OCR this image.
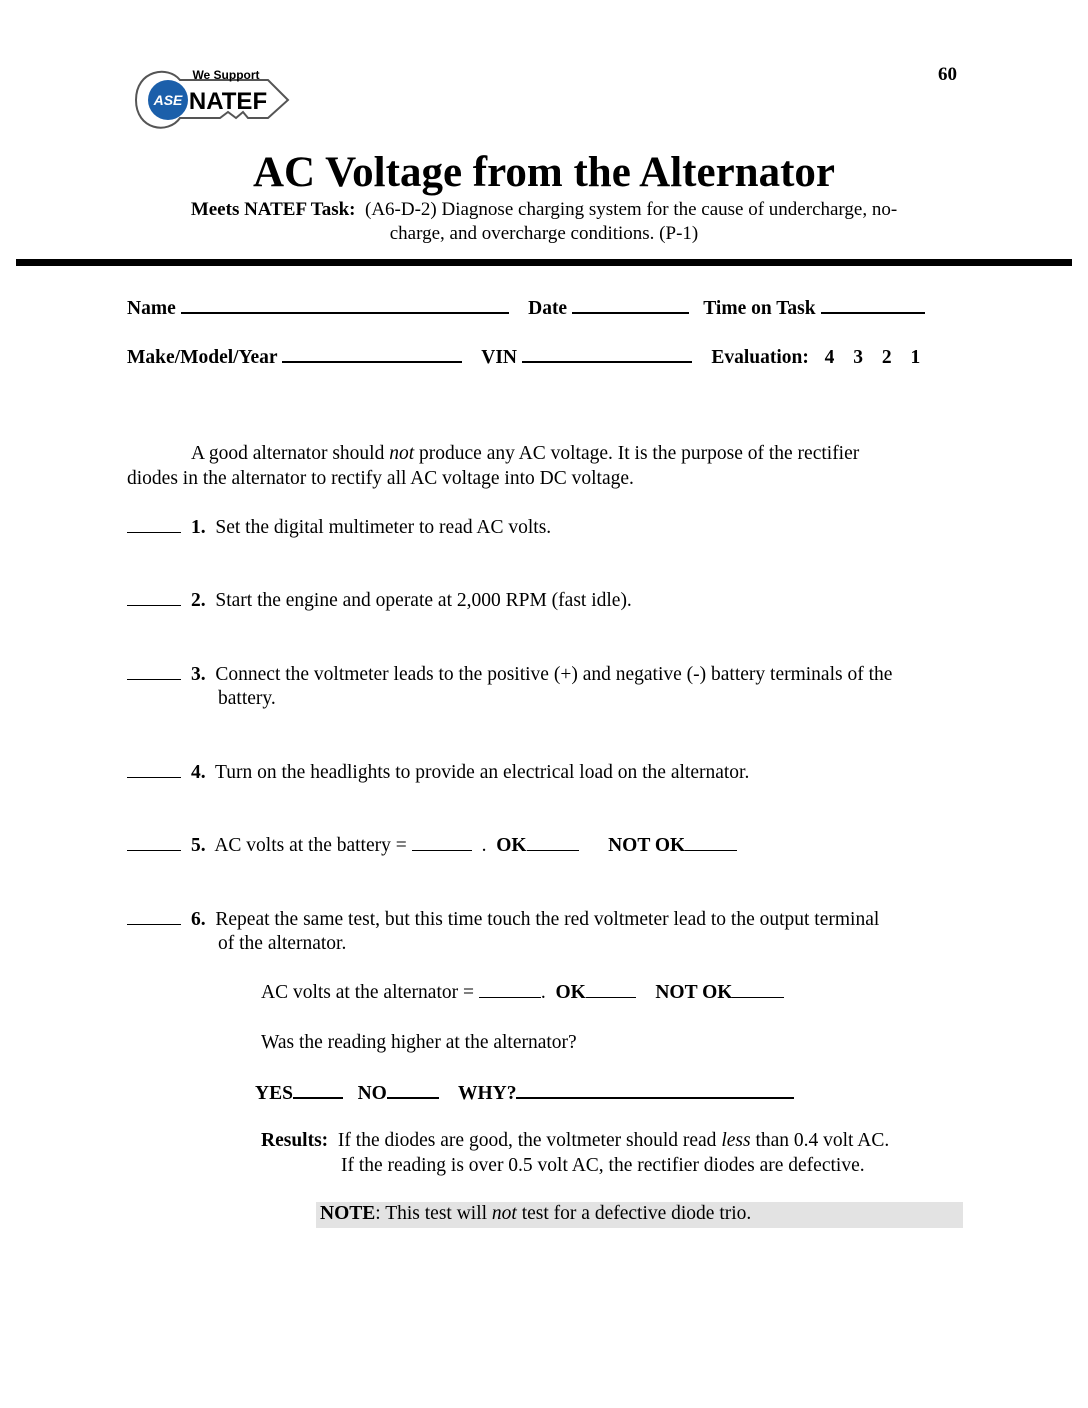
ASE
We Support
NATEF
60
AC Voltage from the Alternator
Meets NATEF Task: (A6-D-2) Diagnose charging system for the cause of undercharge, no-
charge, and overcharge conditions. (P-1)
Name	Date	Time on Task
Make/Model/Year	VIN	Evaluation: 4 3 2 1
A good alternator should not produce any AC voltage. It is the purpose of the rectifier
diodes in the alternator to rectify all AC voltage into DC voltage.
1. Set the digital multimeter to read AC volts.
2. Start the engine and operate at 2,000 RPM (fast idle).
3. Connect the voltmeter leads to the positive (+) and negative (-) battery terminals of the
battery.
4. Turn on the headlights to provide an electrical load on the alternator.
5. AC volts at the battery =	.  OK	NOT OK
6. Repeat the same test, but this time touch the red voltmeter lead to the output terminal
of the alternator.
AC volts at the alternator =	.  OK	NOT OK
Was the reading higher at the alternator?
YES	NO	WHY?
Results: If the diodes are good, the voltmeter should read less than 0.4 volt AC.
If the reading is over 0.5 volt AC, the rectifier diodes are defective.
NOTE: This test will not test for a defective diode trio.
